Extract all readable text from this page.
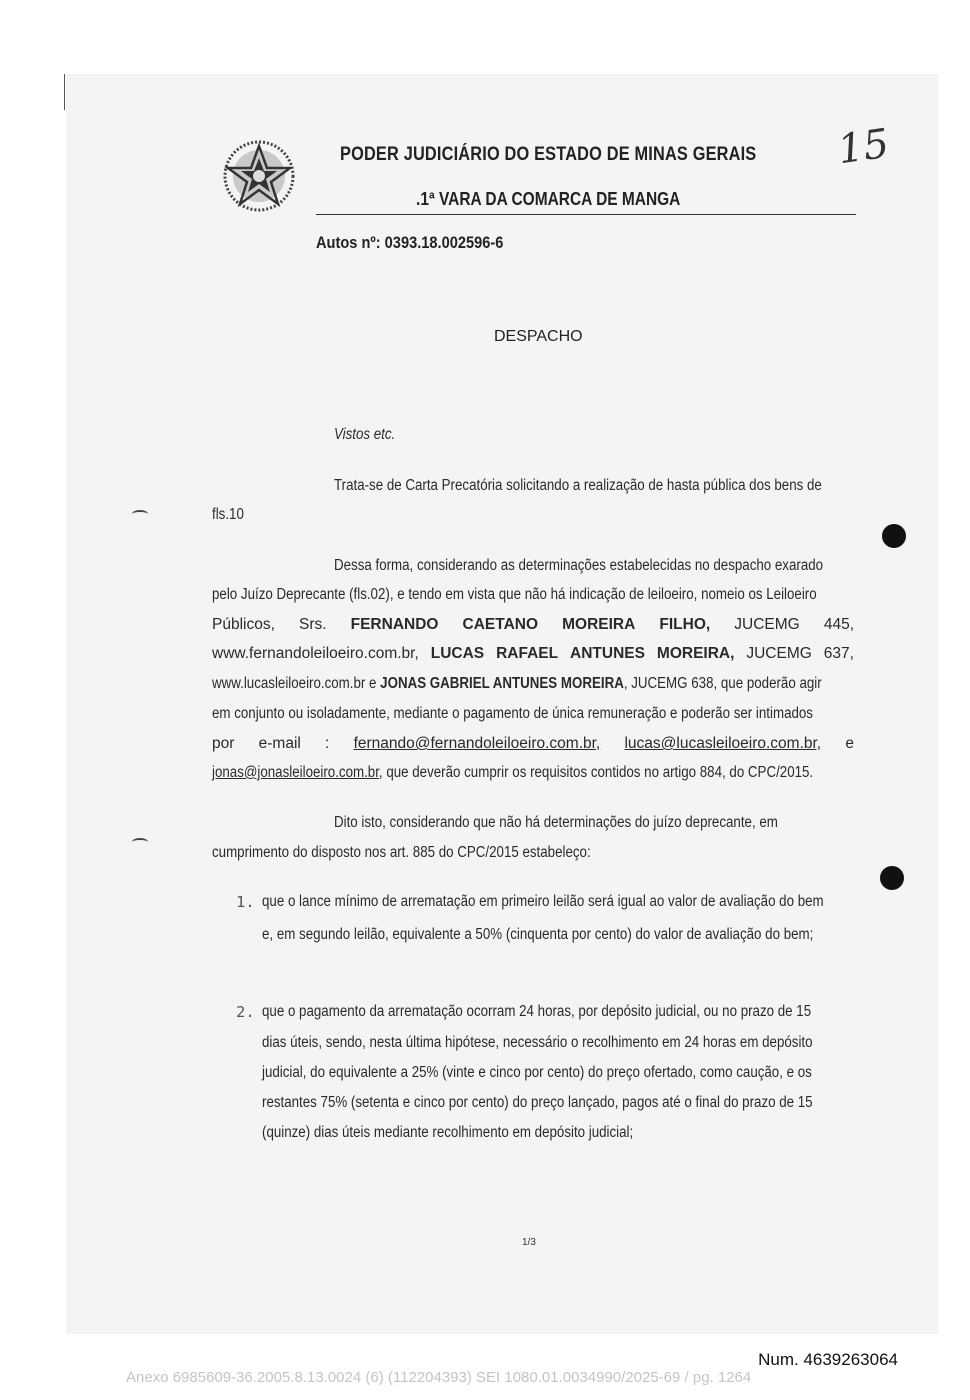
PODER JUDICIÁRIO DO ESTADO DE MINAS GERAIS
.1ª VARA DA COMARCA DE MANGA
Autos nº: 0393.18.002596-6
15
DESPACHO
Vistos etc.
Trata-se de Carta Precatória solicitando a realização de hasta pública dos bens de
fls.10
Dessa forma, considerando as determinações estabelecidas no despacho exarado
pelo Juízo Deprecante (fls.02), e tendo em vista que não há indicação de leiloeiro, nomeio os Leiloeiro
Públicos, Srs. FERNANDO CAETANO MOREIRA FILHO, JUCEMG 445,
www.fernandoleiloeiro.com.br, LUCAS RAFAEL ANTUNES MOREIRA, JUCEMG 637,
www.lucasleiloeiro.com.br e JONAS GABRIEL ANTUNES MOREIRA, JUCEMG 638, que poderão agir
em conjunto ou isoladamente, mediante o pagamento de única remuneração e poderão ser intimados
por e-mail : fernando@fernandoleiloeiro.com.br, lucas@lucasleiloeiro.com.br, e
jonas@jonasleiloeiro.com.br, que deverão cumprir os requisitos contidos no artigo 884, do CPC/2015.
Dito isto, considerando que não há determinações do juízo deprecante, em
cumprimento do disposto nos art. 885 do CPC/2015 estabeleço:
1. que o lance mínimo de arrematação em primeiro leilão será igual ao valor de avaliação do bem
e, em segundo leilão, equivalente a 50% (cinquenta por cento) do valor de avaliação do bem;
2. que o pagamento da arrematação ocorram 24 horas, por depósito judicial, ou no prazo de 15
dias úteis, sendo, nesta última hipótese, necessário o recolhimento em 24 horas em depósito
judicial, do equivalente a 25% (vinte e cinco por cento) do preço ofertado, como caução, e os
restantes 75% (setenta e cinco por cento) do preço lançado, pagos até o final do prazo de 15
(quinze) dias úteis mediante recolhimento em depósito judicial;
1/3
Num. 4639263064
Anexo 6985609-36.2005.8.13.0024 (6) (112204393) SEI 1080.01.0034990/2025-69 / pg. 1264
